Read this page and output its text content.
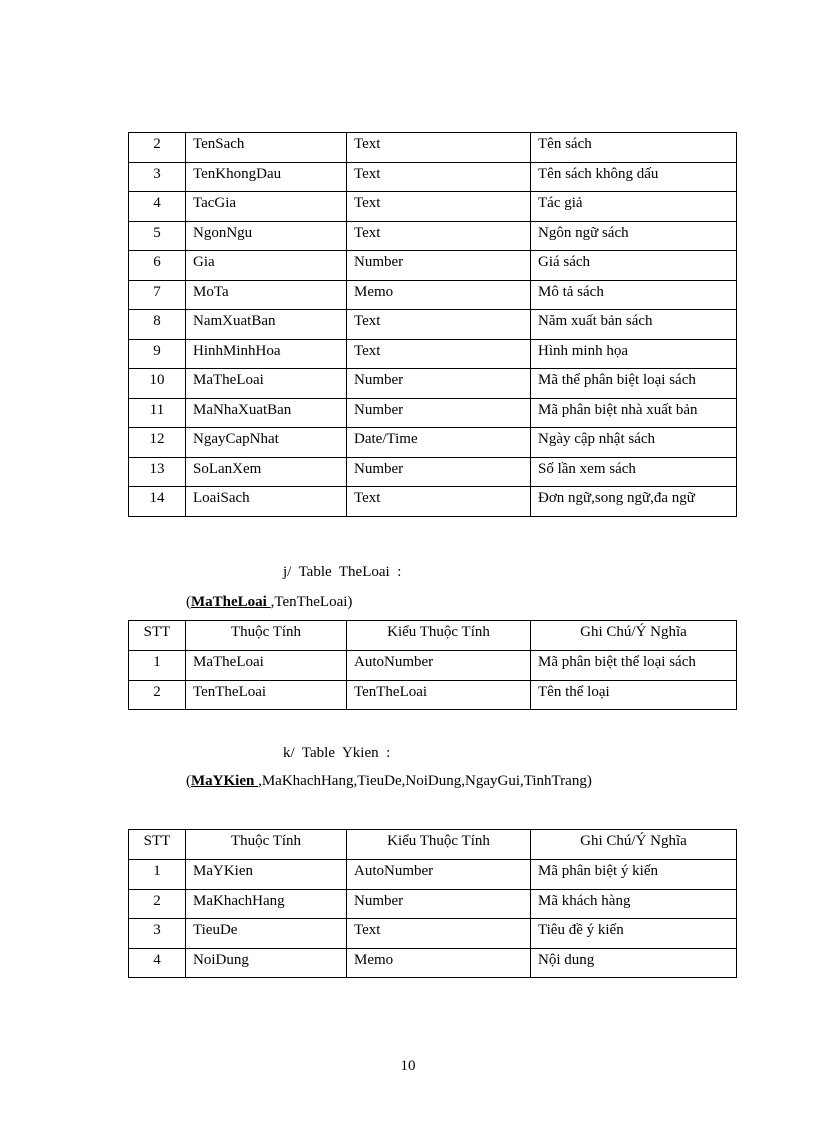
2	TenSach	Text	Tên sách
3	TenKhongDau	Text	Tên sách không dấu
4	TacGia	Text	Tác giả
5	NgonNgu	Text	Ngôn ngữ sách
6	Gia	Number	Giá sách
7	MoTa	Memo	Mô tả sách
8	NamXuatBan	Text	Năm xuất bản sách
9	HinhMinhHoa	Text	Hình minh họa
10	MaTheLoai	Number	Mã thể phân biệt loại sách
11	MaNhaXuatBan	Number	Mã phân biệt nhà xuất bản
12	NgayCapNhat	Date/Time	Ngày cập nhật sách
13	SoLanXem	Number	Số lần xem sách
14	LoaiSach	Text	Đơn ngữ,song ngữ,đa ngữ
j/  Table  TheLoai  :
(MaTheLoai ,TenTheLoai)
STT	Thuộc Tính	Kiểu Thuộc Tính	Ghi Chú/Ý Nghĩa
1	MaTheLoai	AutoNumber	Mã phân biệt thể loại sách
2	TenTheLoai	TenTheLoai	Tên thể loại
k/  Table  Ykien  :
(MaYKien ,MaKhachHang,TieuDe,NoiDung,NgayGui,TinhTrang)
STT	Thuộc Tính	Kiểu Thuộc Tính	Ghi Chú/Ý Nghĩa
1	MaYKien	AutoNumber	Mã phân biệt ý kiến
2	MaKhachHang	Number	Mã khách hàng
3	TieuDe	Text	Tiêu đề ý kiến
4	NoiDung	Memo	Nội dung
10
